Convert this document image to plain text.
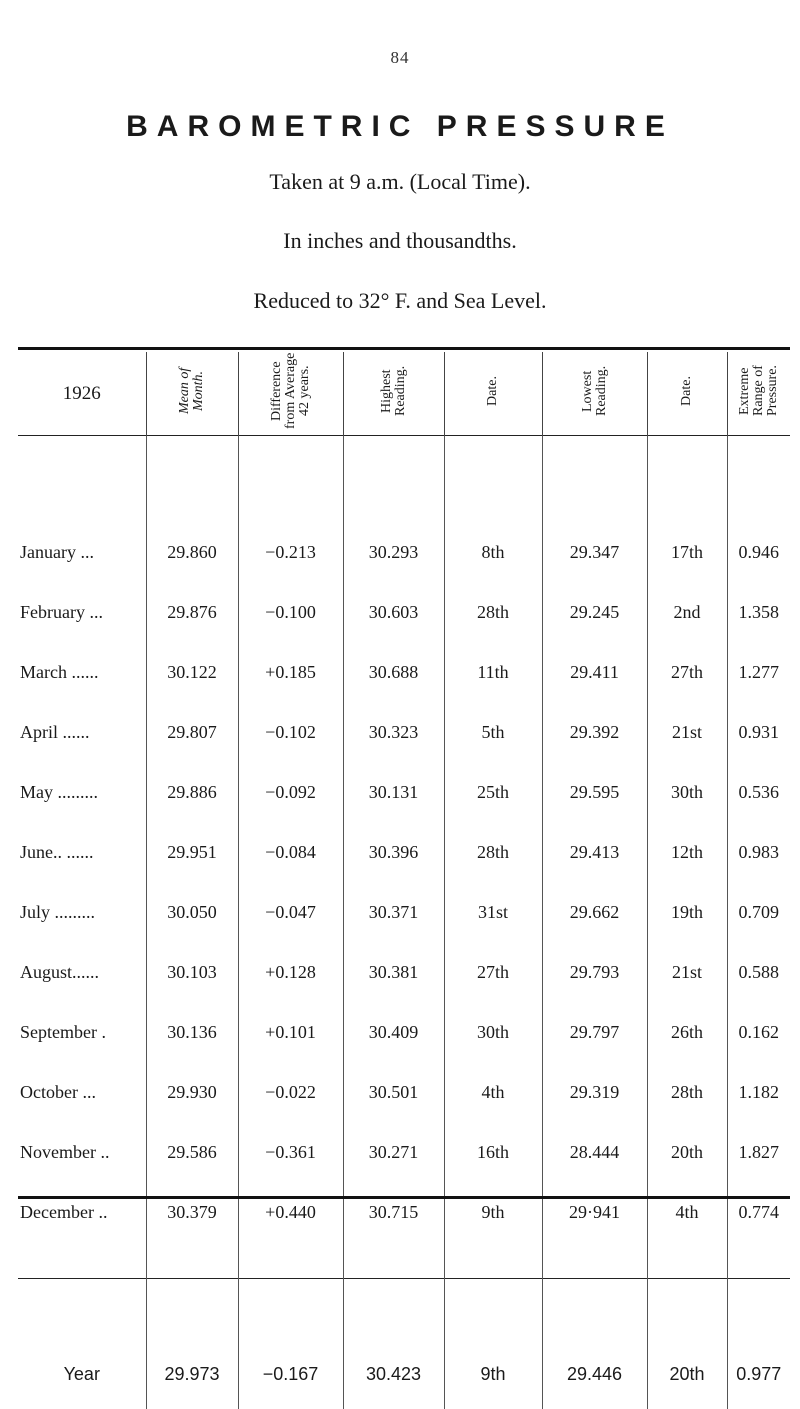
84
BAROMETRIC PRESSURE
Taken at 9 a.m. (Local Time).
In inches and thousandths.
Reduced to 32° F. and Sea Level.
1926	Mean of Month.	Difference from Average 42 years.	Highest Reading.	Date.	Lowest Reading.	Date.	Extreme Range of Pressure.

January ...	29.860	−0.213	30.293	8th	29.347	17th	0.946
February ...	29.876	−0.100	30.603	28th	29.245	2nd	1.358
March ......	30.122	+0.185	30.688	11th	29.411	27th	1.277
April ......	29.807	−0.102	30.323	5th	29.392	21st	0.931
May .........	29.886	−0.092	30.131	25th	29.595	30th	0.536
June.. ......	29.951	−0.084	30.396	28th	29.413	12th	0.983
July .........	30.050	−0.047	30.371	31st	29.662	19th	0.709
August......	30.103	+0.128	30.381	27th	29.793	21st	0.588
September .	30.136	+0.101	30.409	30th	29.797	26th	0.162
October ...	29.930	−0.022	30.501	4th	29.319	28th	1.182
November ..	29.586	−0.361	30.271	16th	28.444	20th	1.827
December ..	30.379	+0.440	30.715	9th	29·941	4th	0.774

Year	29.973	−0.167	30.423	9th	29.446	20th	0.977
